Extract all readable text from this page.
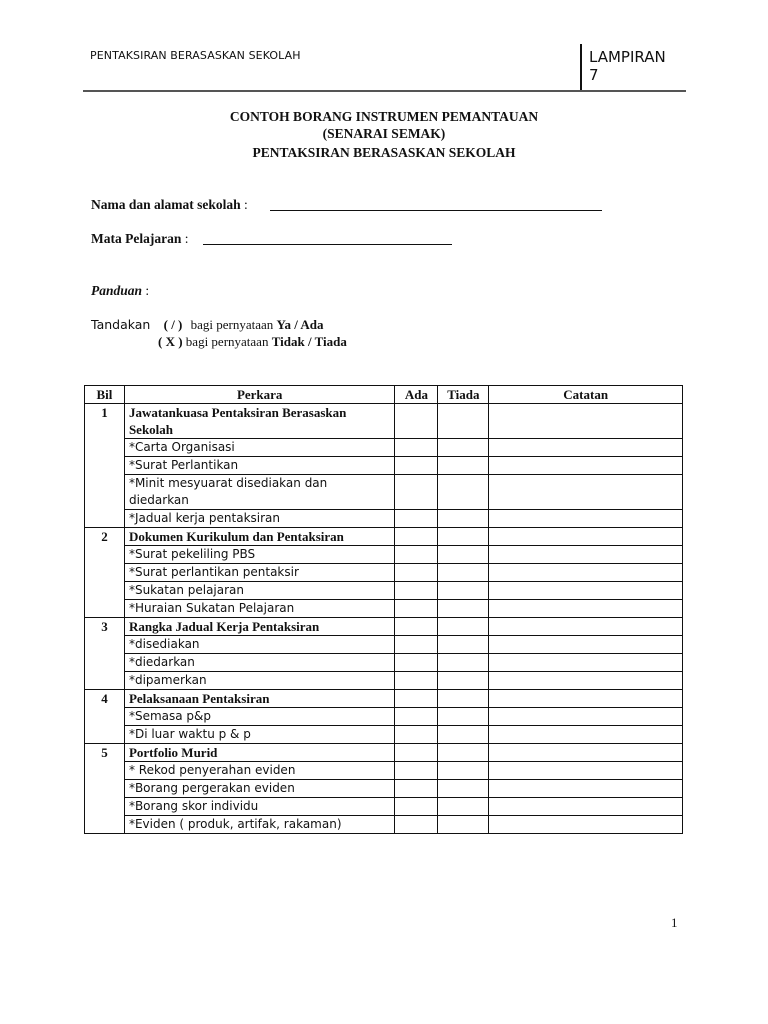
PENTAKSIRAN BERASASKAN SEKOLAH	LAMPIRAN
7
CONTOH BORANG INSTRUMEN PEMANTAUAN
(SENARAI SEMAK)
PENTAKSIRAN BERASASKAN SEKOLAH
Nama dan alamat sekolah :
Mata Pelajaran :
Panduan :
Tandakan ( / ) bagi pernyataan Ya / Ada
( X ) bagi pernyataan Tidak / Tiada
Bil	Perkara	Ada	Tiada	Catatan
1	Jawatankuasa Pentaksiran Berasaskan Sekolah			
	*Carta Organisasi			
	*Surat Perlantikan			
	*Minit mesyuarat disediakan dan diedarkan			
	*Jadual kerja pentaksiran			
2	Dokumen Kurikulum dan Pentaksiran			
	*Surat pekeliling PBS			
	*Surat perlantikan pentaksir			
	*Sukatan pelajaran			
	*Huraian Sukatan Pelajaran			
3	Rangka Jadual Kerja Pentaksiran			
	*disediakan			
	*diedarkan			
	*dipamerkan			
4	Pelaksanaan Pentaksiran			
	*Semasa p&p			
	*Di luar waktu p & p			
5	Portfolio Murid			
	* Rekod penyerahan eviden			
	*Borang pergerakan eviden			
	*Borang skor individu			
	*Eviden ( produk, artifak, rakaman)			
1
